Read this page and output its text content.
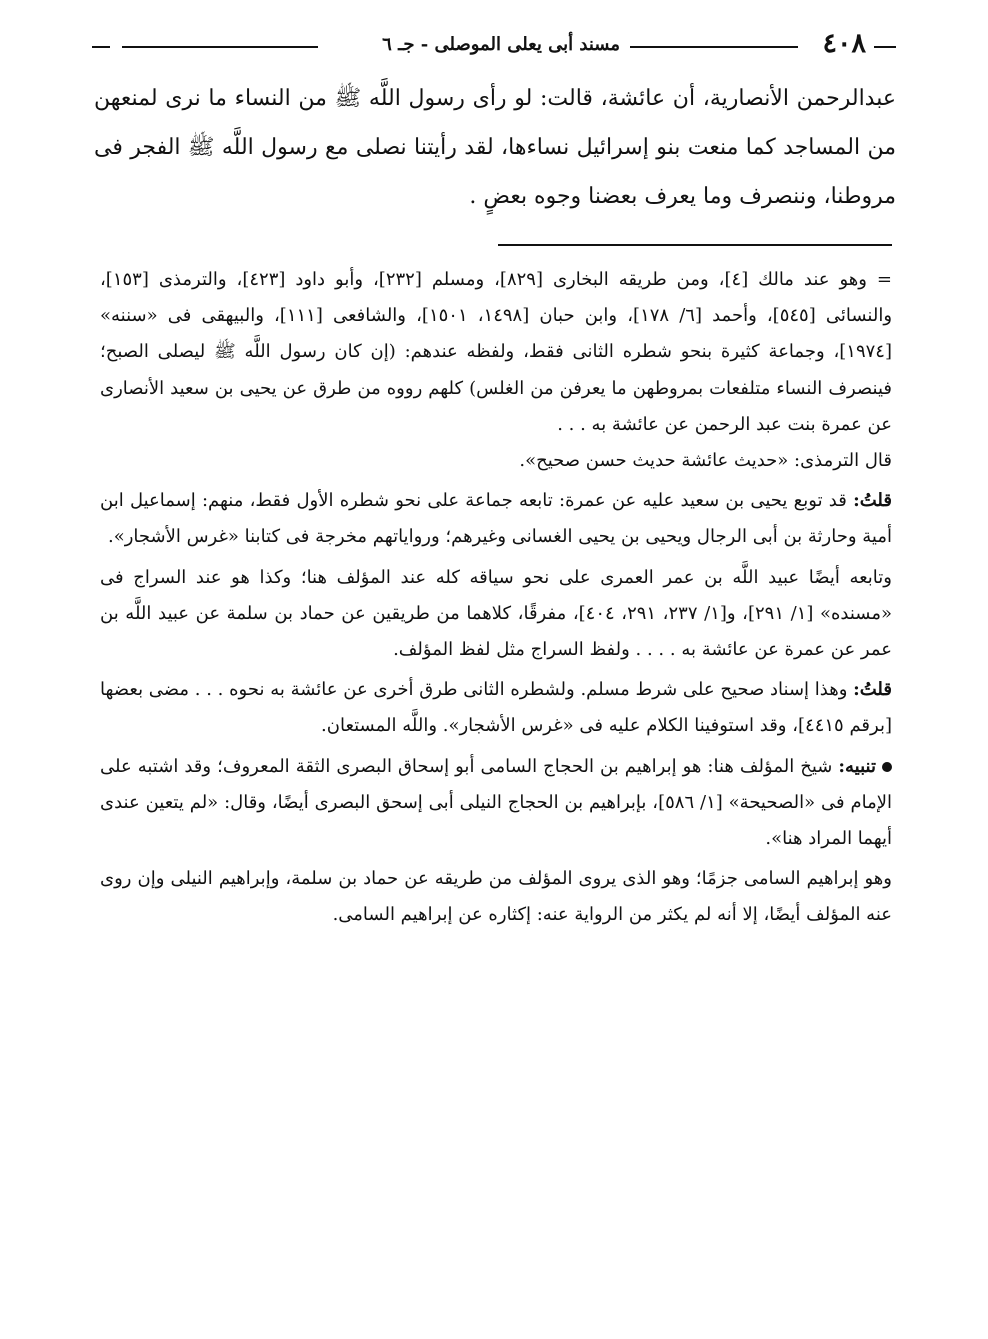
٤٠٨
مسند أبى يعلى الموصلى - جـ ٦

عبدالرحمن الأنصارية، أن عائشة، قالت: لو رأى رسول اللَّه ﷺ من النساء ما نرى لمنعهن من المساجد كما منعت بنو إسرائيل نساءها، لقد رأيتنا نصلى مع رسول اللَّه ﷺ الفجر فى مروطنا، وننصرف وما يعرف بعضنا وجوه بعضٍ .

= وهو عند مالك [٤]، ومن طريقه البخارى [٨٢٩]، ومسلم [٢٣٢]، وأبو داود [٤٢٣]، والترمذى [١٥٣]، والنسائى [٥٤٥]، وأحمد [٦/ ١٧٨]، وابن حبان [١٤٩٨، ١٥٠١]، والشافعى [١١١]، والبيهقى فى «سننه» [١٩٧٤]، وجماعة كثيرة بنحو شطره الثانى فقط، ولفظه عندهم: (إن كان رسول اللَّه ﷺ ليصلى الصبح؛ فينصرف النساء متلفعات بمروطهن ما يعرفن من الغلس) كلهم رووه من طرق عن يحيى بن سعيد الأنصارى عن عمرة بنت عبد الرحمن عن عائشة به . . .

قال الترمذى: «حديث عائشة حديث حسن صحيح».

قلتُ: قد توبع يحيى بن سعيد عليه عن عمرة: تابعه جماعة على نحو شطره الأول فقط، منهم: إسماعيل ابن أمية وحارثة بن أبى الرجال ويحيى بن يحيى الغسانى وغيرهم؛ ورواياتهم مخرجة فى كتابنا «غرس الأشجار».

وتابعه أيضًا عبيد اللَّه بن عمر العمرى على نحو سياقه كله عند المؤلف هنا؛ وكذا هو عند السراج فى «مسنده» [١/ ٢٩١]، و[١/ ٢٣٧، ٢٩١، ٤٠٤]، مفرقًا، كلاهما من طريقين عن حماد بن سلمة عن عبيد اللَّه بن عمر عن عمرة عن عائشة به . . . . ولفظ السراج مثل لفظ المؤلف.

قلتُ: وهذا إسناد صحيح على شرط مسلم. ولشطره الثانى طرق أخرى عن عائشة به نحوه . . . مضى بعضها [برقم ٤٤١٥]، وقد استوفينا الكلام عليه فى «غرس الأشجار». واللَّه المستعان.

تنبيه: شيخ المؤلف هنا: هو إبراهيم بن الحجاج السامى أبو إسحاق البصرى الثقة المعروف؛ وقد اشتبه على الإمام فى «الصحيحة» [١/ ٥٨٦]، بإبراهيم بن الحجاج النيلى أبى إسحق البصرى أيضًا، وقال: «لم يتعين عندى أيهما المراد هنا».

وهو إبراهيم السامى جزمًا؛ وهو الذى يروى المؤلف من طريقه عن حماد بن سلمة، وإبراهيم النيلى وإن روى عنه المؤلف أيضًا، إلا أنه لم يكثر من الرواية عنه: إكثاره عن إبراهيم السامى.
